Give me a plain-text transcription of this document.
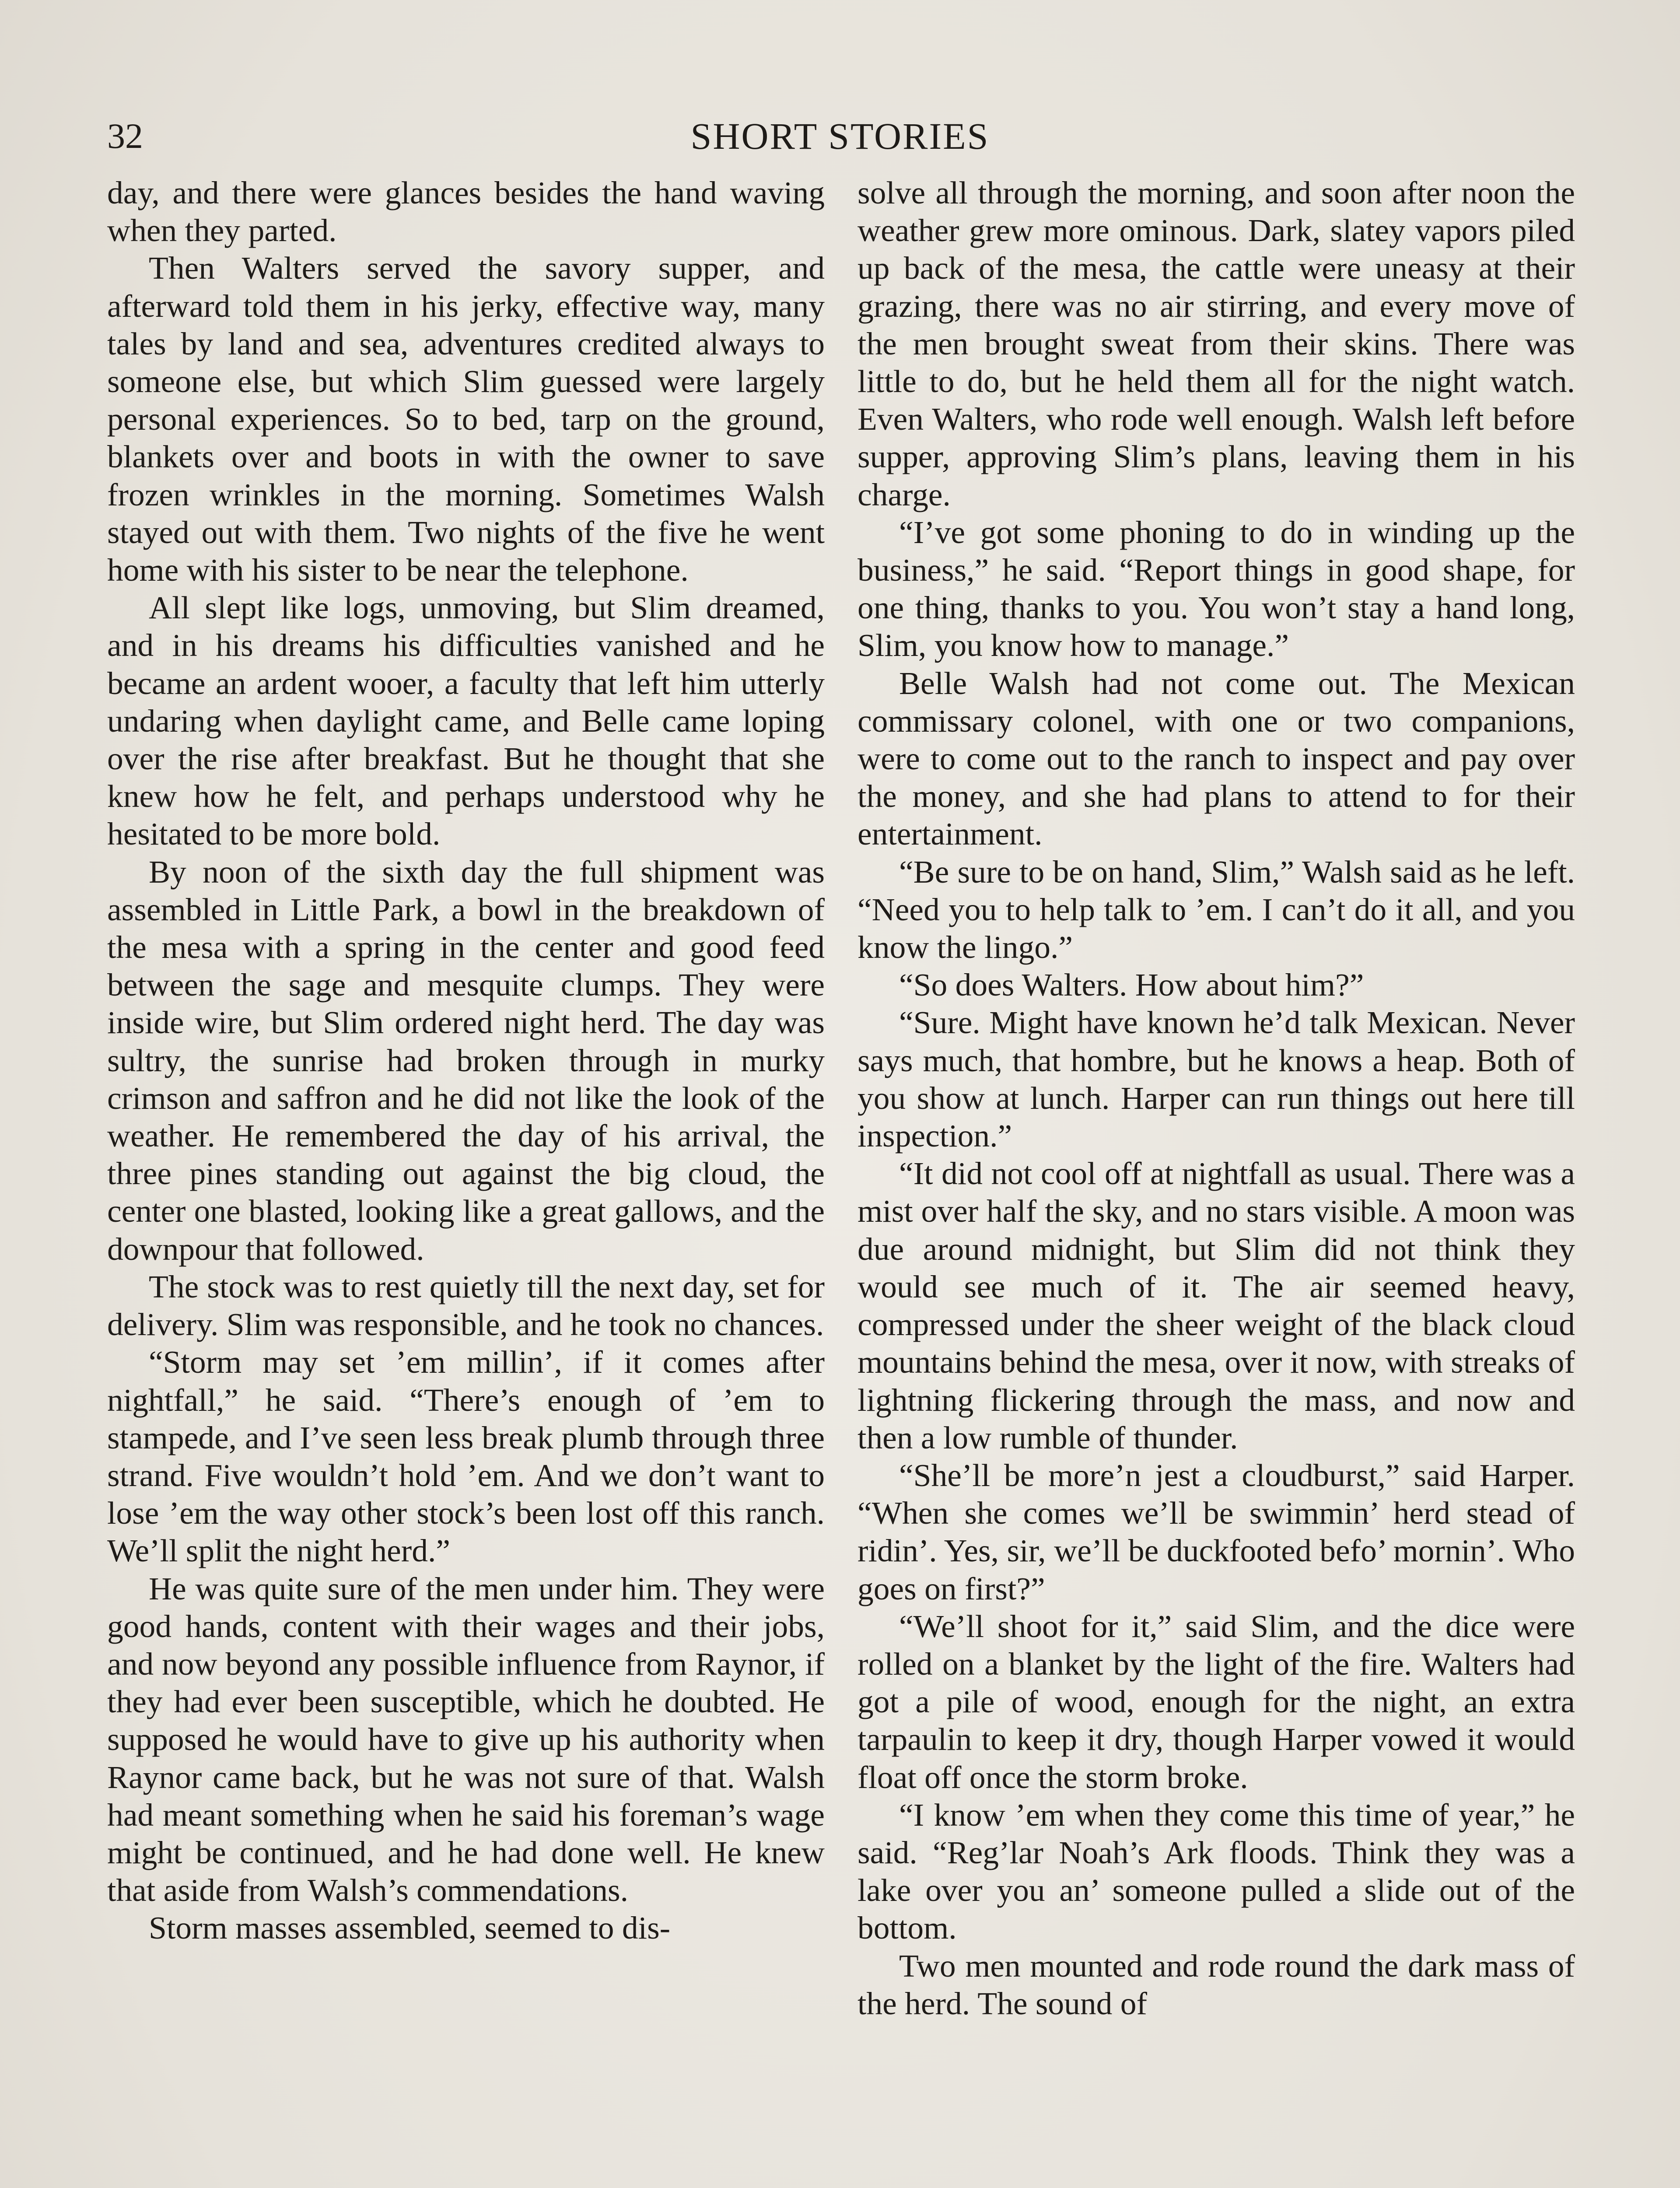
32	SHORT STORIES

day, and there were glances besides the hand waving when they parted.

Then Walters served the savory supper, and afterward told them in his jerky, effective way, many tales by land and sea, adventures credited always to someone else, but which Slim guessed were largely personal experiences. So to bed, tarp on the ground, blankets over and boots in with the owner to save frozen wrinkles in the morning. Sometimes Walsh stayed out with them. Two nights of the five he went home with his sister to be near the telephone.

All slept like logs, unmoving, but Slim dreamed, and in his dreams his difficulties vanished and he became an ardent wooer, a faculty that left him utterly undaring when daylight came, and Belle came loping over the rise after breakfast. But he thought that she knew how he felt, and perhaps understood why he hesitated to be more bold.

By noon of the sixth day the full shipment was assembled in Little Park, a bowl in the breakdown of the mesa with a spring in the center and good feed between the sage and mesquite clumps. They were inside wire, but Slim ordered night herd. The day was sultry, the sunrise had broken through in murky crimson and saffron and he did not like the look of the weather. He remembered the day of his arrival, the three pines standing out against the big cloud, the center one blasted, looking like a great gallows, and the downpour that followed.

The stock was to rest quietly till the next day, set for delivery. Slim was responsible, and he took no chances.

“Storm may set ’em millin’, if it comes after nightfall,” he said. “There’s enough of ’em to stampede, and I’ve seen less break plumb through three strand. Five wouldn’t hold ’em. And we don’t want to lose ’em the way other stock’s been lost off this ranch. We’ll split the night herd.”

He was quite sure of the men under him. They were good hands, content with their wages and their jobs, and now beyond any possible influence from Raynor, if they had ever been susceptible, which he doubted. He supposed he would have to give up his authority when Raynor came back, but he was not sure of that. Walsh had meant something when he said his foreman’s wage might be continued, and he had done well. He knew that aside from Walsh’s commendations.

Storm masses assembled, seemed to dis-

solve all through the morning, and soon after noon the weather grew more ominous. Dark, slatey vapors piled up back of the mesa, the cattle were uneasy at their grazing, there was no air stirring, and every move of the men brought sweat from their skins. There was little to do, but he held them all for the night watch. Even Walters, who rode well enough. Walsh left before supper, approving Slim’s plans, leaving them in his charge.

“I’ve got some phoning to do in winding up the business,” he said. “Report things in good shape, for one thing, thanks to you. You won’t stay a hand long, Slim, you know how to manage.”

Belle Walsh had not come out. The Mexican commissary colonel, with one or two companions, were to come out to the ranch to inspect and pay over the money, and she had plans to attend to for their entertainment.

“Be sure to be on hand, Slim,” Walsh said as he left. “Need you to help talk to ’em. I can’t do it all, and you know the lingo.”

“So does Walters. How about him?”

“Sure. Might have known he’d talk Mexican. Never says much, that hombre, but he knows a heap. Both of you show at lunch. Harper can run things out here till inspection.”

“It did not cool off at nightfall as usual. There was a mist over half the sky, and no stars visible. A moon was due around midnight, but Slim did not think they would see much of it. The air seemed heavy, compressed under the sheer weight of the black cloud mountains behind the mesa, over it now, with streaks of lightning flickering through the mass, and now and then a low rumble of thunder.

“She’ll be more’n jest a cloudburst,” said Harper. “When she comes we’ll be swimmin’ herd stead of ridin’. Yes, sir, we’ll be duckfooted befo’ mornin’. Who goes on first?”

“We’ll shoot for it,” said Slim, and the dice were rolled on a blanket by the light of the fire. Walters had got a pile of wood, enough for the night, an extra tarpaulin to keep it dry, though Harper vowed it would float off once the storm broke.

“I know ’em when they come this time of year,” he said. “Reg’lar Noah’s Ark floods. Think they was a lake over you an’ someone pulled a slide out of the bottom.

Two men mounted and rode round the dark mass of the herd. The sound of
